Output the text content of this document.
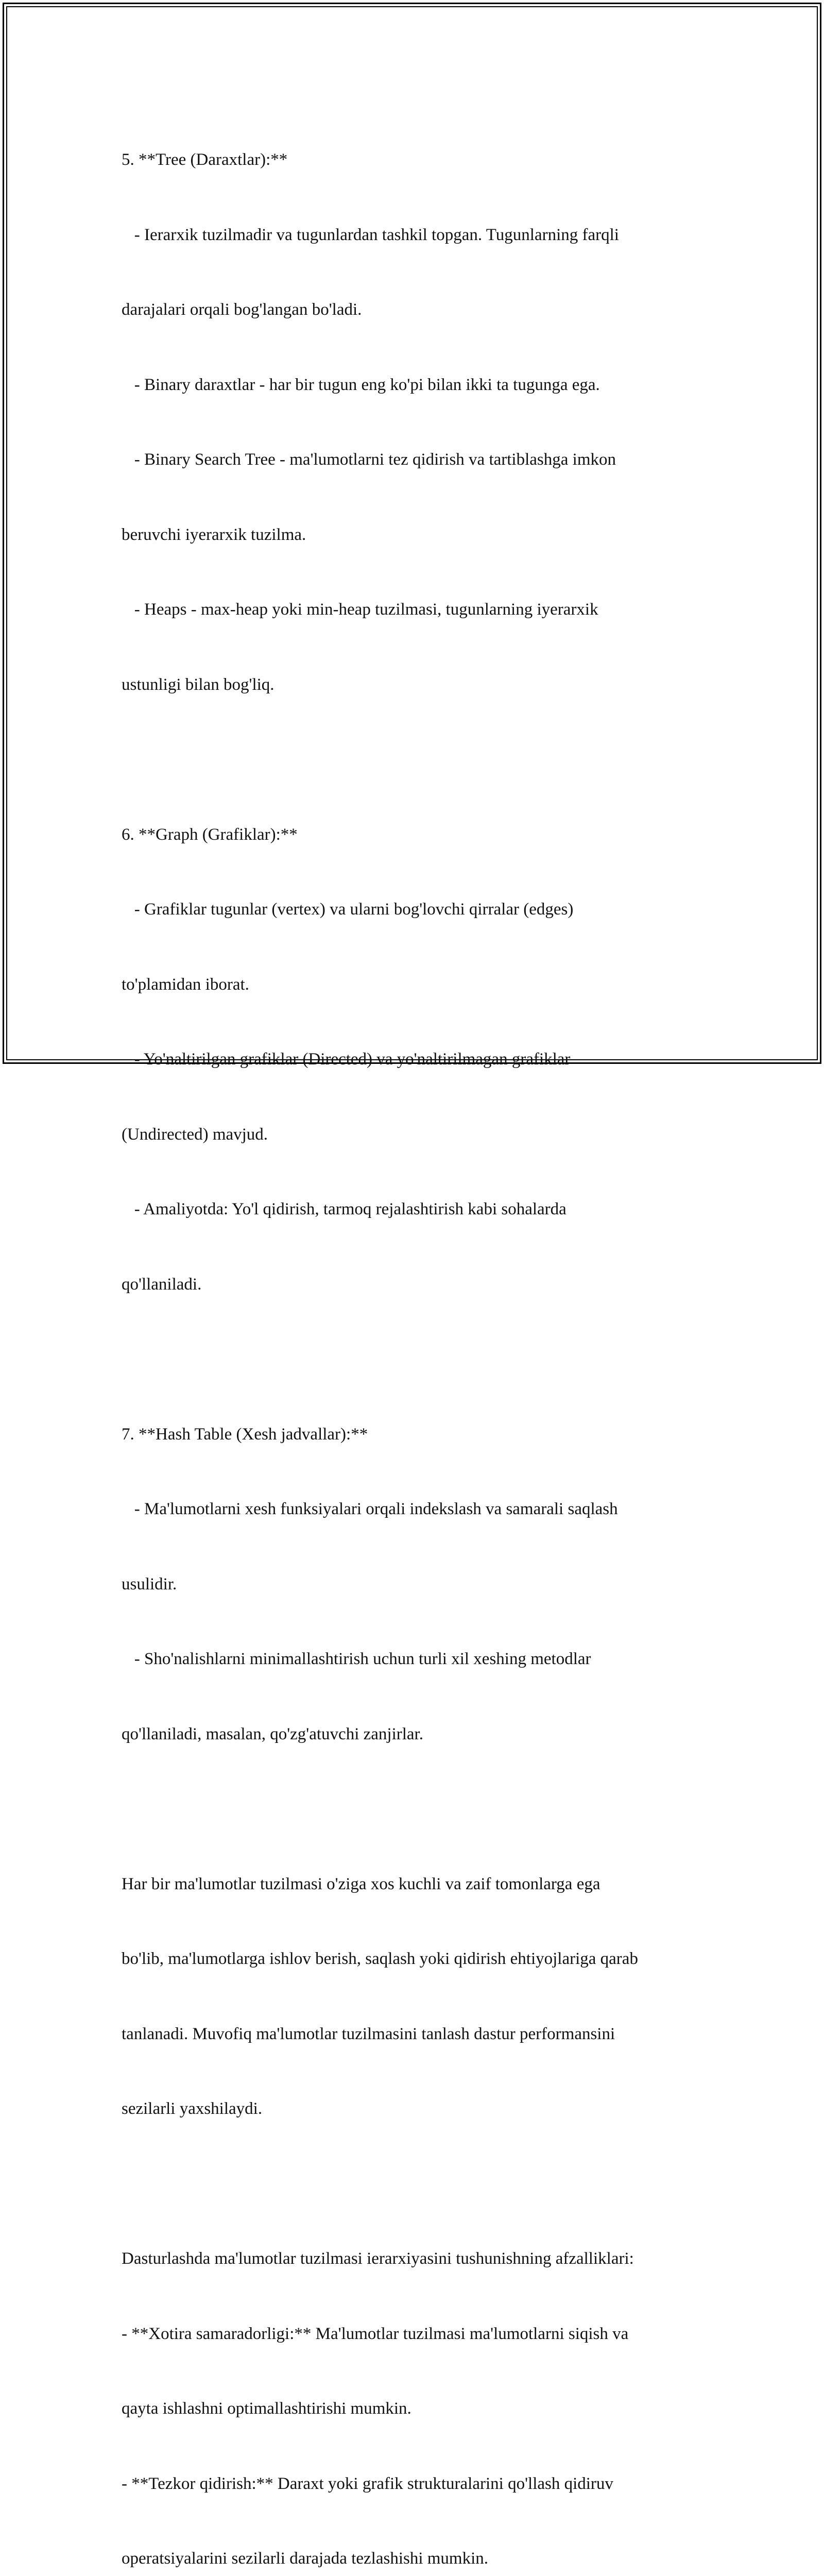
5. **Tree (Daraxtlar):**

- Ierarxik tuzilmadir va tugunlardan tashkil topgan. Tugunlarning farqli

darajalari orqali bog'langan bo'ladi.

- Binary daraxtlar - har bir tugun eng ko'pi bilan ikki ta tugunga ega.

- Binary Search Tree - ma'lumotlarni tez qidirish va tartiblashga imkon

beruvchi iyerarxik tuzilma.

- Heaps - max-heap yoki min-heap tuzilmasi, tugunlarning iyerarxik

ustunligi bilan bog'liq.

6. **Graph (Grafiklar):**

- Grafiklar tugunlar (vertex) va ularni bog'lovchi qirralar (edges)

to'plamidan iborat.

- Yo'naltirilgan grafiklar (Directed) va yo'naltirilmagan grafiklar

(Undirected) mavjud.

- Amaliyotda: Yo'l qidirish, tarmoq rejalashtirish kabi sohalarda

qo'llaniladi.

7. **Hash Table (Xesh jadvallar):**

- Ma'lumotlarni xesh funksiyalari orqali indekslash va samarali saqlash

usulidir.

- Sho'nalishlarni minimallashtirish uchun turli xil xeshing metodlar

qo'llaniladi, masalan, qo'zg'atuvchi zanjirlar.

Har bir ma'lumotlar tuzilmasi o'ziga xos kuchli va zaif tomonlarga ega

bo'lib, ma'lumotlarga ishlov berish, saqlash yoki qidirish ehtiyojlariga qarab

tanlanadi. Muvofiq ma'lumotlar tuzilmasini tanlash dastur performansini

sezilarli yaxshilaydi.

Dasturlashda ma'lumotlar tuzilmasi ierarxiyasini tushunishning afzalliklari:

- **Xotira samaradorligi:** Ma'lumotlar tuzilmasi ma'lumotlarni siqish va

qayta ishlashni optimallashtirishi mumkin.

- **Tezkor qidirish:** Daraxt yoki grafik strukturalarini qo'llash qidiruv

operatsiyalarini sezilarli darajada tezlashishi mumkin.
